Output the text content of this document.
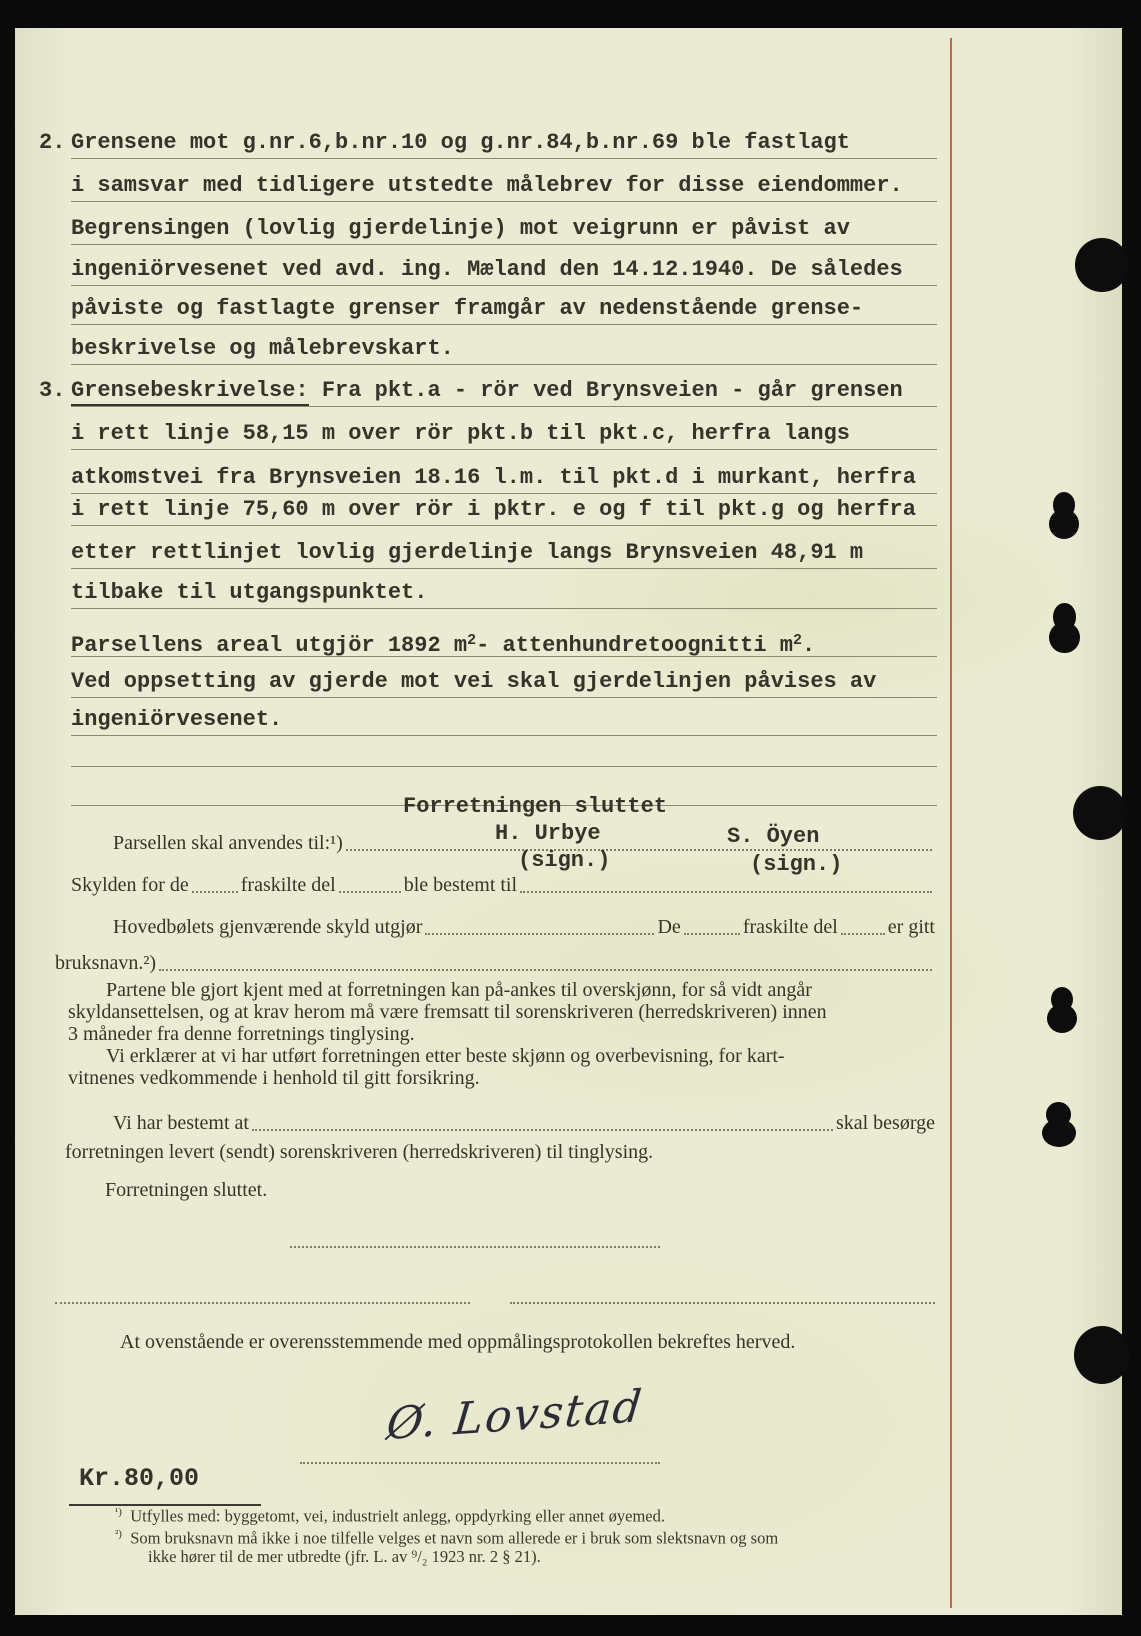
2. Grensene mot g.nr.6,b.nr.10 og g.nr.84,b.nr.69 ble fastlagt
i samsvar med tidligere utstedte målebrev for disse eiendommer.
Begrensingen (lovlig gjerdelinje) mot veigrunn er påvist av
ingeniörvesenet ved avd. ing. Mæland den 14.12.1940. De således
påviste og fastlagte grenser framgår av nedenstående grense-
beskrivelse og målebrevskart.
3. Grensebeskrivelse: Fra pkt.a - rör ved Brynsveien - går grensen
i rett linje 58,15 m over rör pkt.b til pkt.c, herfra langs
atkomstvei fra Brynsveien 18.16 l.m. til pkt.d i murkant, herfra
i rett linje 75,60 m over rör i pktr. e og f til pkt.g og herfra
etter rettlinjet lovlig gjerdelinje langs Brynsveien 48,91 m
tilbake til utgangspunktet.
Parsellens areal utgjör 1892 $m^2-$ attenhundretoognitti $m^2$.
Ved oppsetting av gjerde mot vei skal gjerdelinjen påvises av
ingeniörvesenet.
Forretningen sluttet
Parsellen skal anvendes til:¹)	H. Urbye
(sign.)
S. Öyen
(sign.)
Skylden for de	fraskilte del	ble bestemt til
Hovedbølets gjenværende skyld utgjør	De	fraskilte del	er gitt
bruksnavn.²)
Partene ble gjort kjent med at forretningen kan på-ankes til overskjønn, for så vidt angår
skyldansettelsen, og at krav herom må være fremsatt til sorenskriveren (herredskriveren) innen
3 måneder fra denne forretnings tinglysing.
Vi erklærer at vi har utført forretningen etter beste skjønn og overbevisning, for kart-
vitnenes vedkommende i henhold til gitt forsikring.
Vi har bestemt at	skal besørge
forretningen levert (sendt) sorenskriveren (herredskriveren) til tinglysing.
Forretningen sluttet.
At ovenstående er overensstemmende med oppmålingsprotokollen bekreftes herved.
Ø. Lovstad
Kr.80,00
$^{^1)}$ Utfylles med: byggetomt, vei, industrielt anlegg, oppdyrking eller annet øyemed.
$^{^2)}$ Som bruksnavn må ikke i noe tilfelle velges et navn som allerede er i bruk som slektsnavn og som
ikke hører til de mer utbredte (jfr. L. av ⁹/₂ 1923 nr. 2 § 21).
